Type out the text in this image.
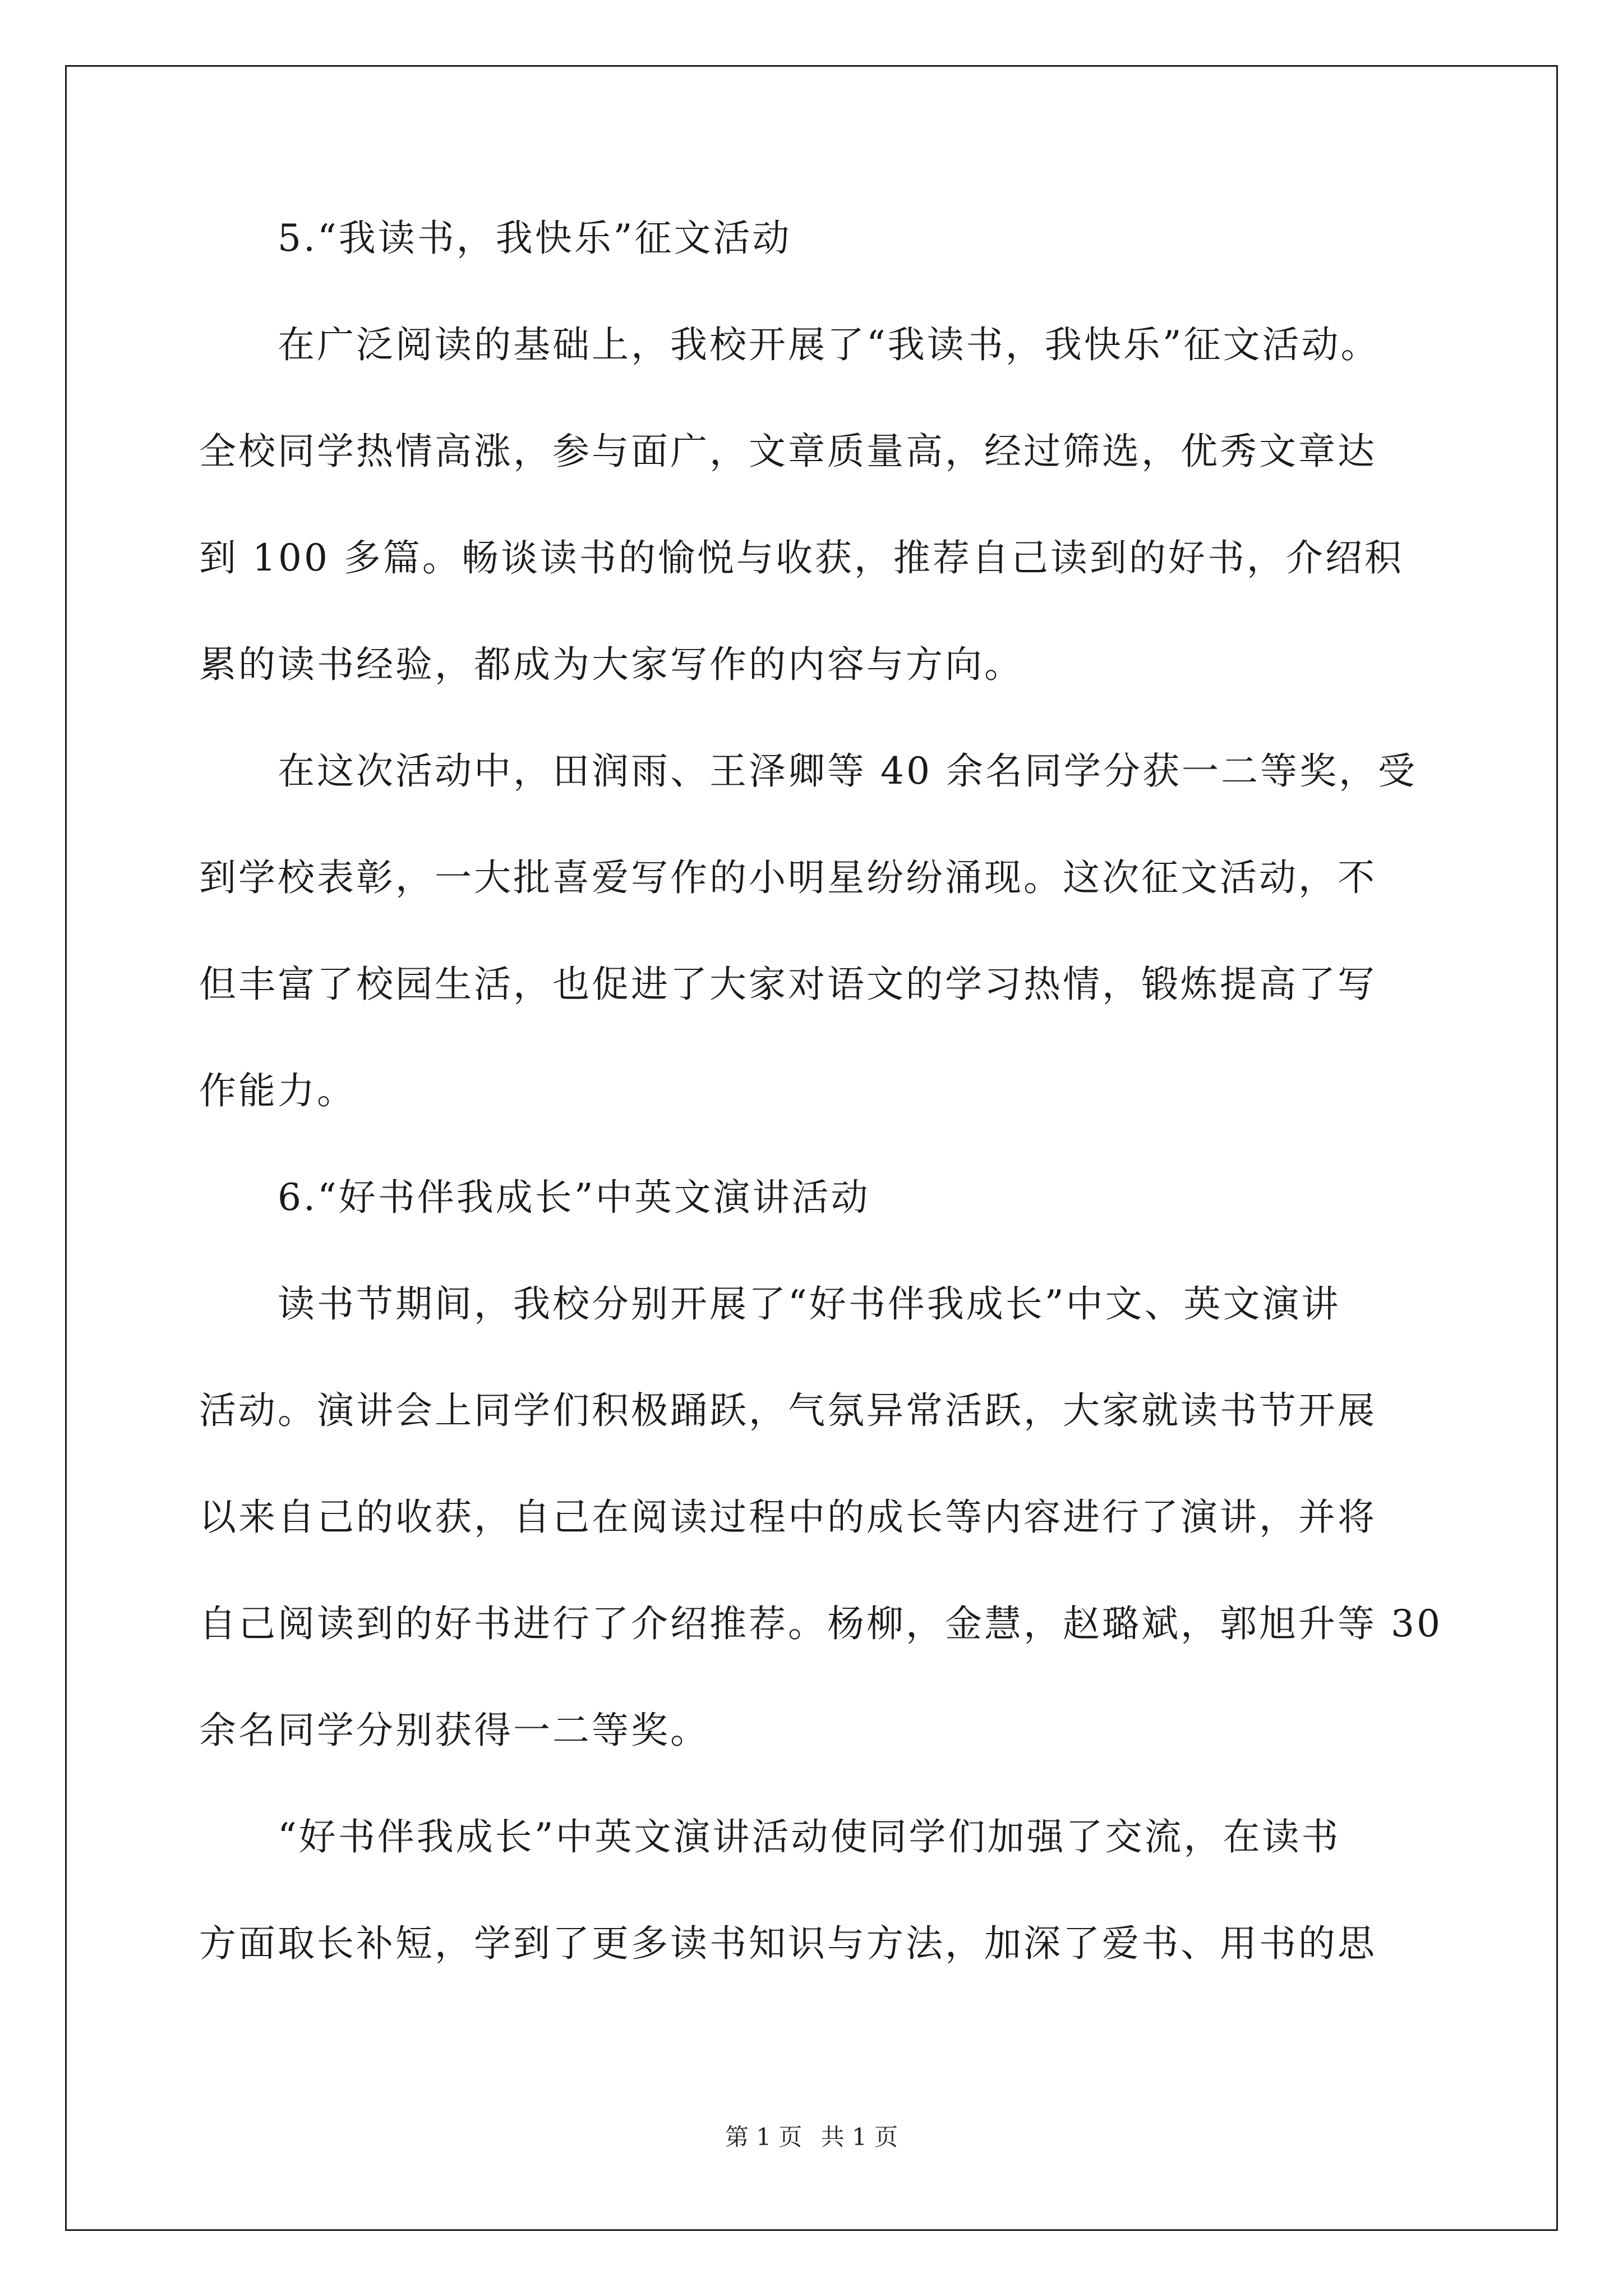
5.“我读书，我快乐”征文活动
在广泛阅读的基础上，我校开展了“我读书，我快乐”征文活动。
全校同学热情高涨，参与面广，文章质量高，经过筛选，优秀文章达
到 100 多篇。畅谈读书的愉悦与收获，推荐自己读到的好书，介绍积
累的读书经验，都成为大家写作的内容与方向。
在这次活动中，田润雨、王泽卿等 40 余名同学分获一二等奖，受
到学校表彰，一大批喜爱写作的小明星纷纷涌现。这次征文活动，不
但丰富了校园生活，也促进了大家对语文的学习热情，锻炼提高了写
作能力。
6.“好书伴我成长”中英文演讲活动
读书节期间，我校分别开展了“好书伴我成长”中文、英文演讲
活动。演讲会上同学们积极踊跃，气氛异常活跃，大家就读书节开展
以来自己的收获，自己在阅读过程中的成长等内容进行了演讲，并将
自己阅读到的好书进行了介绍推荐。杨柳，金慧，赵璐斌，郭旭升等 30
余名同学分别获得一二等奖。
“好书伴我成长”中英文演讲活动使同学们加强了交流，在读书
方面取长补短，学到了更多读书知识与方法，加深了爱书、用书的思
第 1 页 共 1 页
